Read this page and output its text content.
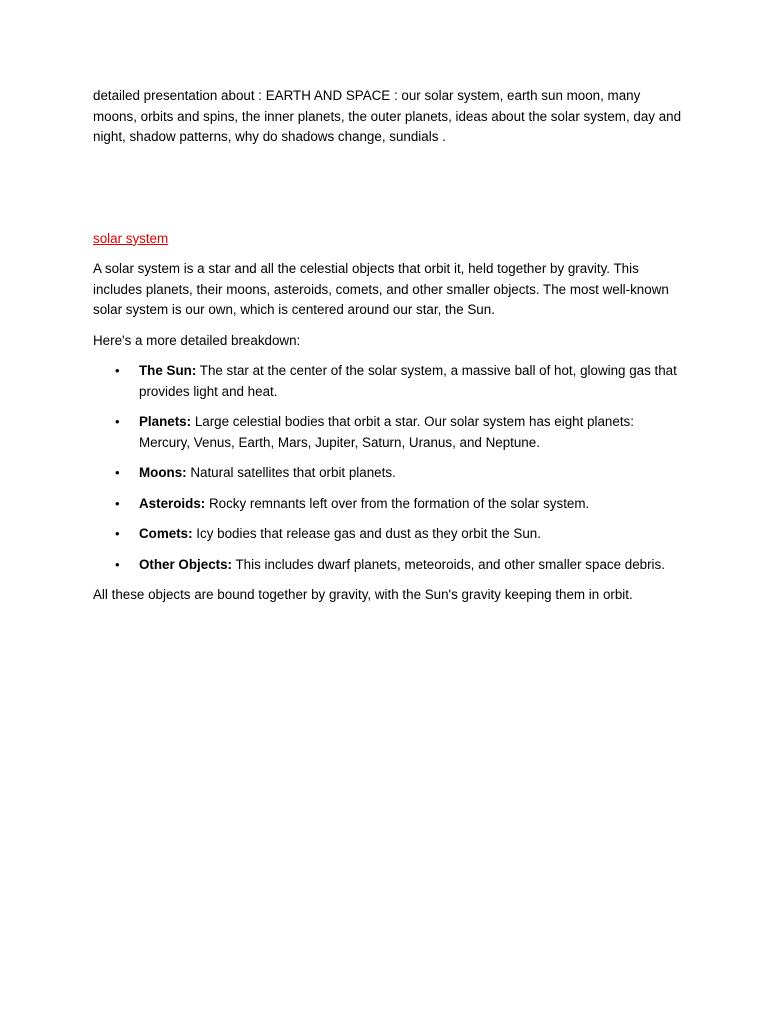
detailed presentation about : EARTH AND SPACE : our solar system, earth sun moon, many moons, orbits and spins, the inner planets, the outer planets, ideas about the solar system, day and night, shadow patterns, why do shadows change, sundials .

solar system

A solar system is a star and all the celestial objects that orbit it, held together by gravity. This includes planets, their moons, asteroids, comets, and other smaller objects. The most well-known solar system is our own, which is centered around our star, the Sun.

Here's a more detailed breakdown:

• The Sun: The star at the center of the solar system, a massive ball of hot, glowing gas that provides light and heat.
• Planets: Large celestial bodies that orbit a star. Our solar system has eight planets: Mercury, Venus, Earth, Mars, Jupiter, Saturn, Uranus, and Neptune.
• Moons: Natural satellites that orbit planets.
• Asteroids: Rocky remnants left over from the formation of the solar system.
• Comets: Icy bodies that release gas and dust as they orbit the Sun.
• Other Objects: This includes dwarf planets, meteoroids, and other smaller space debris.

All these objects are bound together by gravity, with the Sun's gravity keeping them in orbit.
